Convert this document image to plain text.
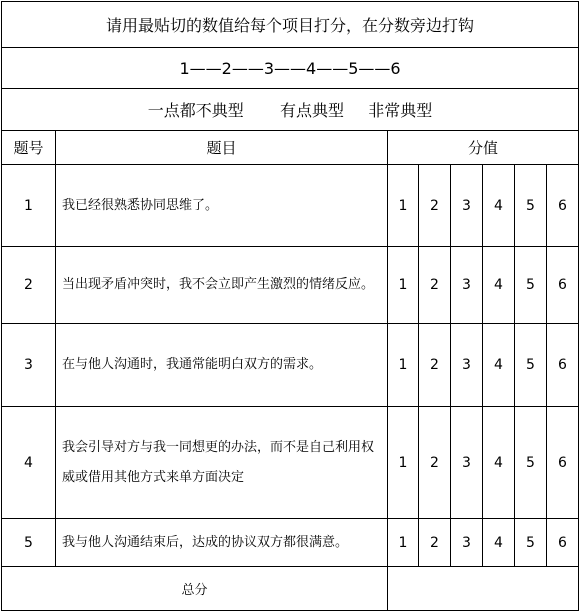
请用最贴切的数值给每个项目打分，在分数旁边打钩							
1——2——3——4——5——6							
一点都不典型 有点典型 非常典型							
题号	题目	分值					
1	我已经很熟悉协同思维了。	1	2	3	4	5	6
2	当出现矛盾冲突时，我不会立即产生激烈的情绪反应。	1	2	3	4	5	6
3	在与他人沟通时，我通常能明白双方的需求。	1	2	3	4	5	6
4	我会引导对方与我一同想更的办法，而不是自己利用权威或借用其他方式来单方面决定	1	2	3	4	5	6
5	我与他人沟通结束后，达成的协议双方都很满意。	1	2	3	4	5	6
总分							
